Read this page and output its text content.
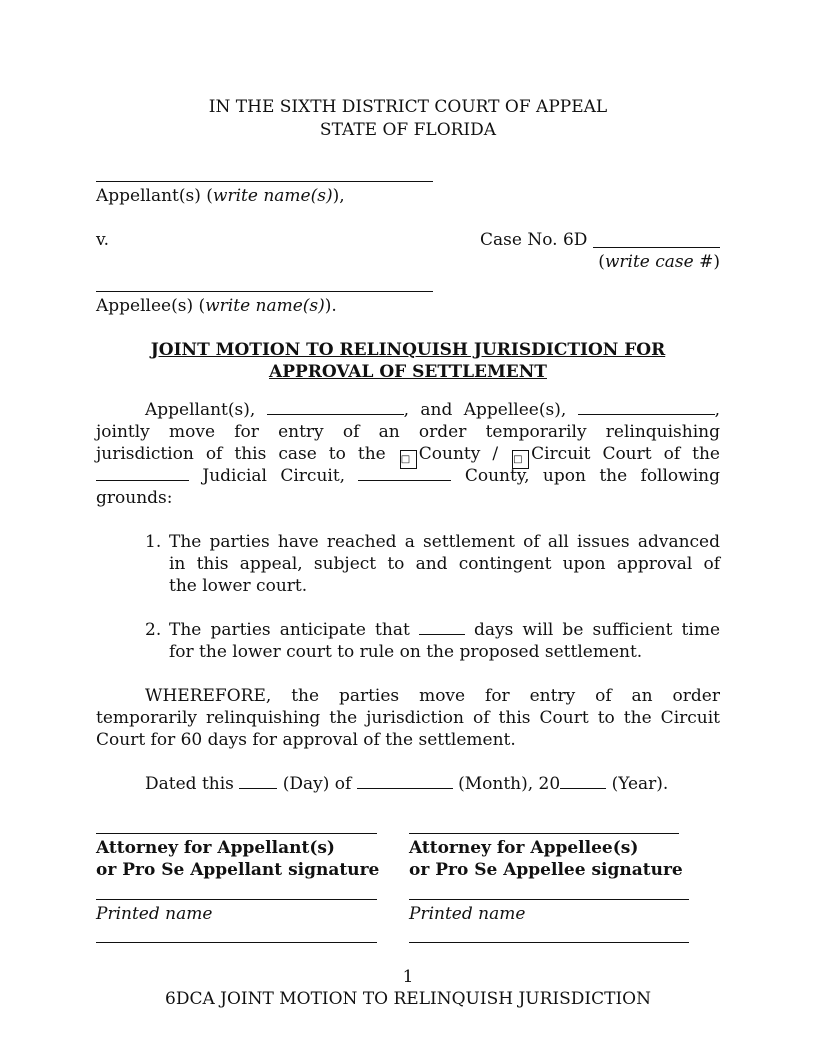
IN THE SIXTH DISTRICT COURT OF APPEAL
STATE OF FLORIDA
Appellant(s) (write name(s)),
v.	Case No. 6D
(write case #)
Appellee(s) (write name(s)).
JOINT MOTION TO RELINQUISH JURISDICTION FOR
APPROVAL OF SETTLEMENT
Appellant(s),	, and Appellee(s),	,
jointly move for entry of an order temporarily relinquishing
jurisdiction of this case to the □ County / □ Circuit Court of the
Judicial Circuit,	County, upon the following
grounds:
1. The parties have reached a settlement of all issues advanced
in this appeal, subject to and contingent upon approval of
the lower court.
2. The parties anticipate that	days will be sufficient time
for the lower court to rule on the proposed settlement.
WHEREFORE, the parties move for entry of an order
temporarily relinquishing the jurisdiction of this Court to the Circuit
Court for 60 days for approval of the settlement.
Dated this	(Day) of	(Month), 20	(Year).
Attorney for Appellant(s)
or Pro Se Appellant signature
Printed name
Attorney for Appellee(s)
or Pro Se Appellee signature
Printed name
1
6DCA JOINT MOTION TO RELINQUISH JURISDICTION
